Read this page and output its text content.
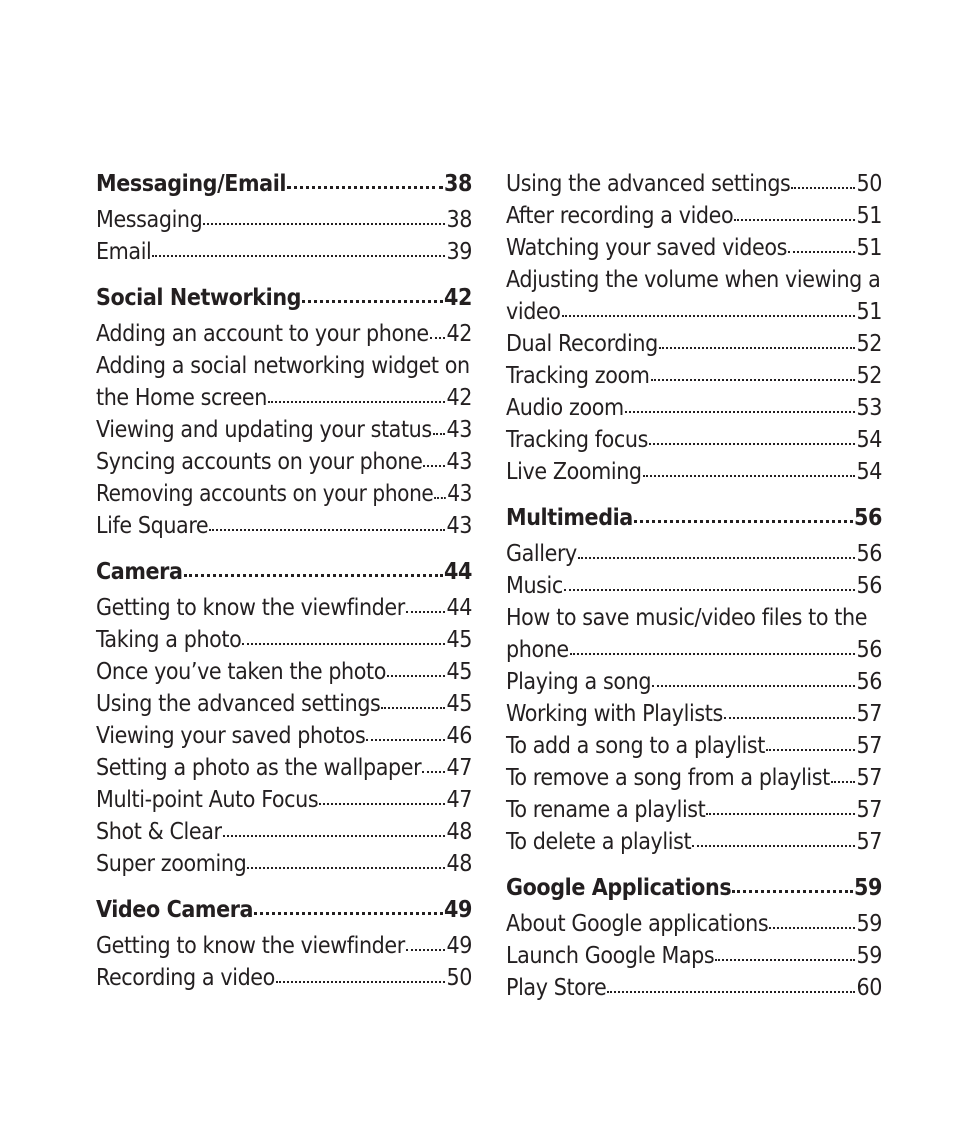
Messaging/Email	38
Messaging	38
Email	39
Social Networking	42
Adding an account to your phone 42
Adding a social networking widget on
the Home screen	42
Viewing and updating your status 43
Syncing accounts on your phone 43
Removing accounts on your phone 43
Life Square	43
Camera	44
Getting to know the viewfinder 44
Taking a photo	45
Once you’ve taken the photo	45
Using the advanced settings	45
Viewing your saved photos	46
Setting a photo as the wallpaper 47
Multi-point Auto Focus	47
Shot & Clear	48
Super zooming	48
Video Camera	49
Getting to know the viewfinder 49
Recording a video	50
Using the advanced settings	50
After recording a video	51
Watching your saved videos	51
Adjusting the volume when viewing a
video	51
Dual Recording	52
Tracking zoom	52
Audio zoom	53
Tracking focus	54
Live Zooming	54
Multimedia	56
Gallery	56
Music	56
How to save music/video files to the
phone	56
Playing a song	56
Working with Playlists	57
To add a song to a playlist	57
To remove a song from a playlist 57
To rename a playlist	57
To delete a playlist	57
Google Applications	59
About Google applications	59
Launch Google Maps	59
Play Store	60
